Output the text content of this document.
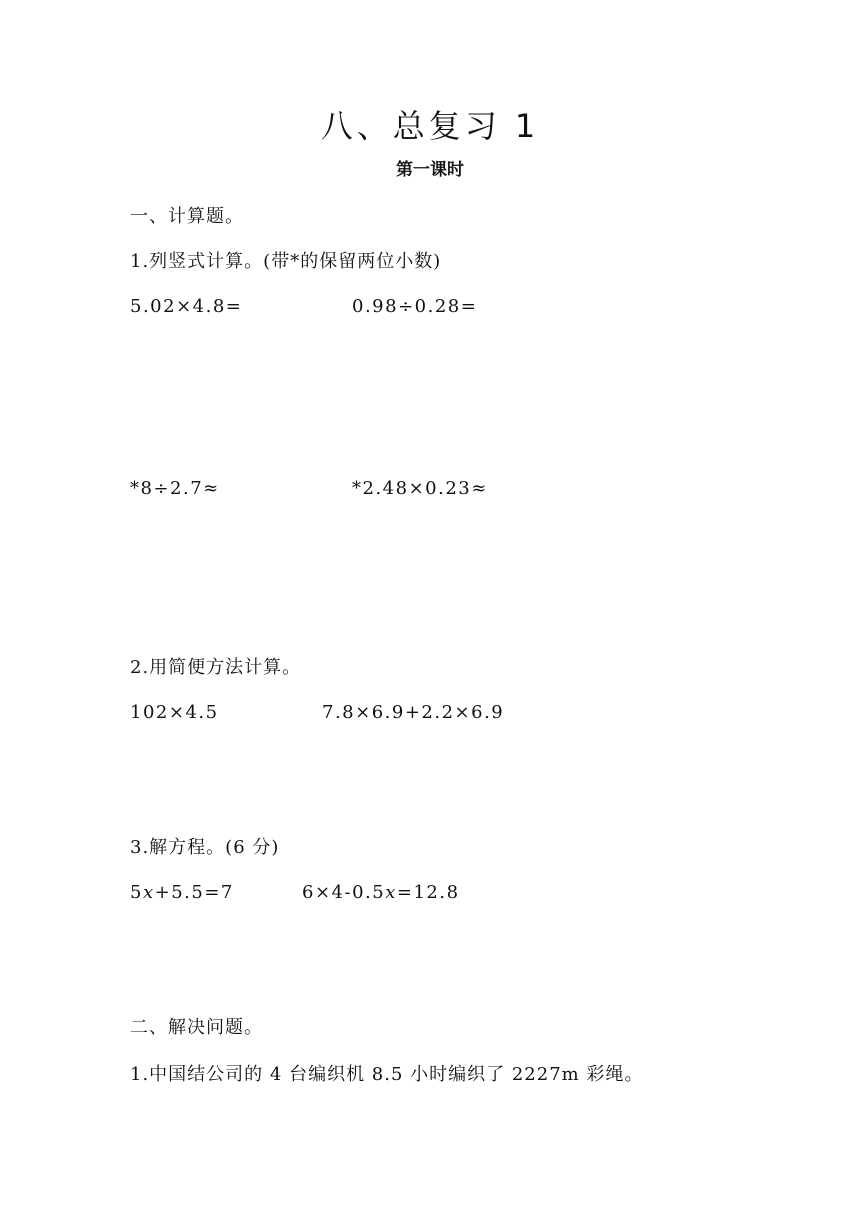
八、总复习 1
第一课时
一、计算题。
1.列竖式计算。(带*的保留两位小数)
5.02×4.8=	0.98÷0.28=
*8÷2.7≈	*2.48×0.23≈
2.用简便方法计算。
102×4.5	7.8×6.9+2.2×6.9
3.解方程。(6 分)
5x+5.5=7	6×4-0.5x=12.8
二、解决问题。
1.中国结公司的 4 台编织机 8.5 小时编织了 2227m 彩绳。
